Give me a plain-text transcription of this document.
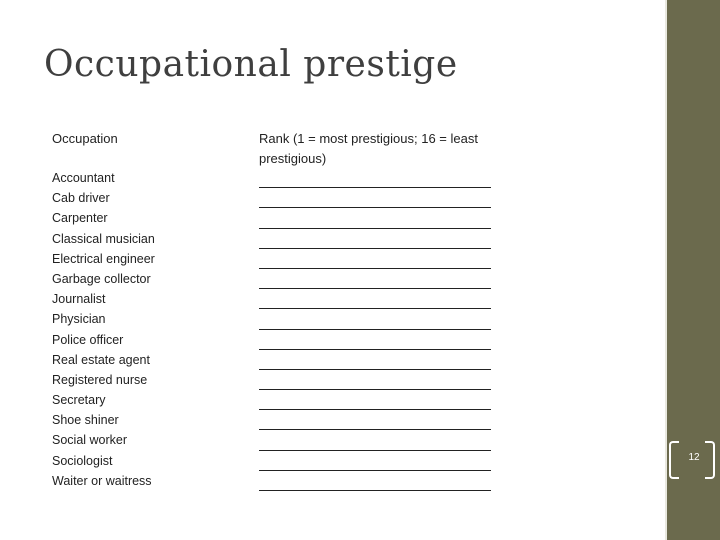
Occupational prestige
Occupation	Rank (1 = most prestigious; 16 = least prestigious)
Accountant
Cab driver
Carpenter
Classical musician
Electrical engineer
Garbage collector
Journalist
Physician
Police officer
Real estate agent
Registered nurse
Secretary
Shoe shiner
Social worker
Sociologist
Waiter or waitress
12
